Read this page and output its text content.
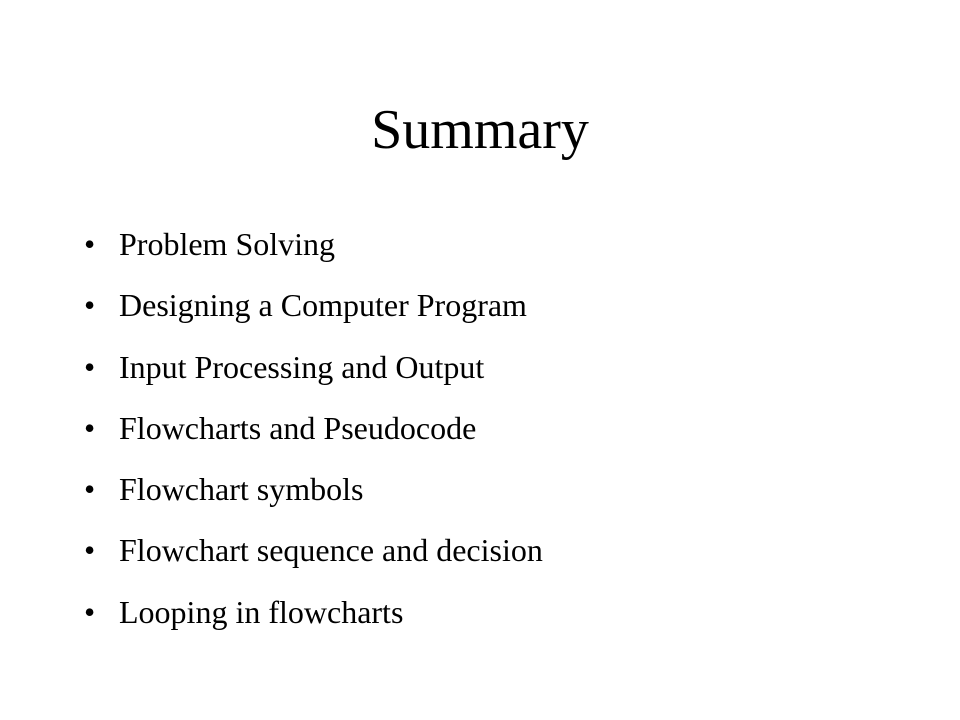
Summary
• Problem Solving
• Designing a Computer Program
• Input Processing and Output
• Flowcharts and Pseudocode
• Flowchart symbols
• Flowchart sequence and decision
• Looping in flowcharts
